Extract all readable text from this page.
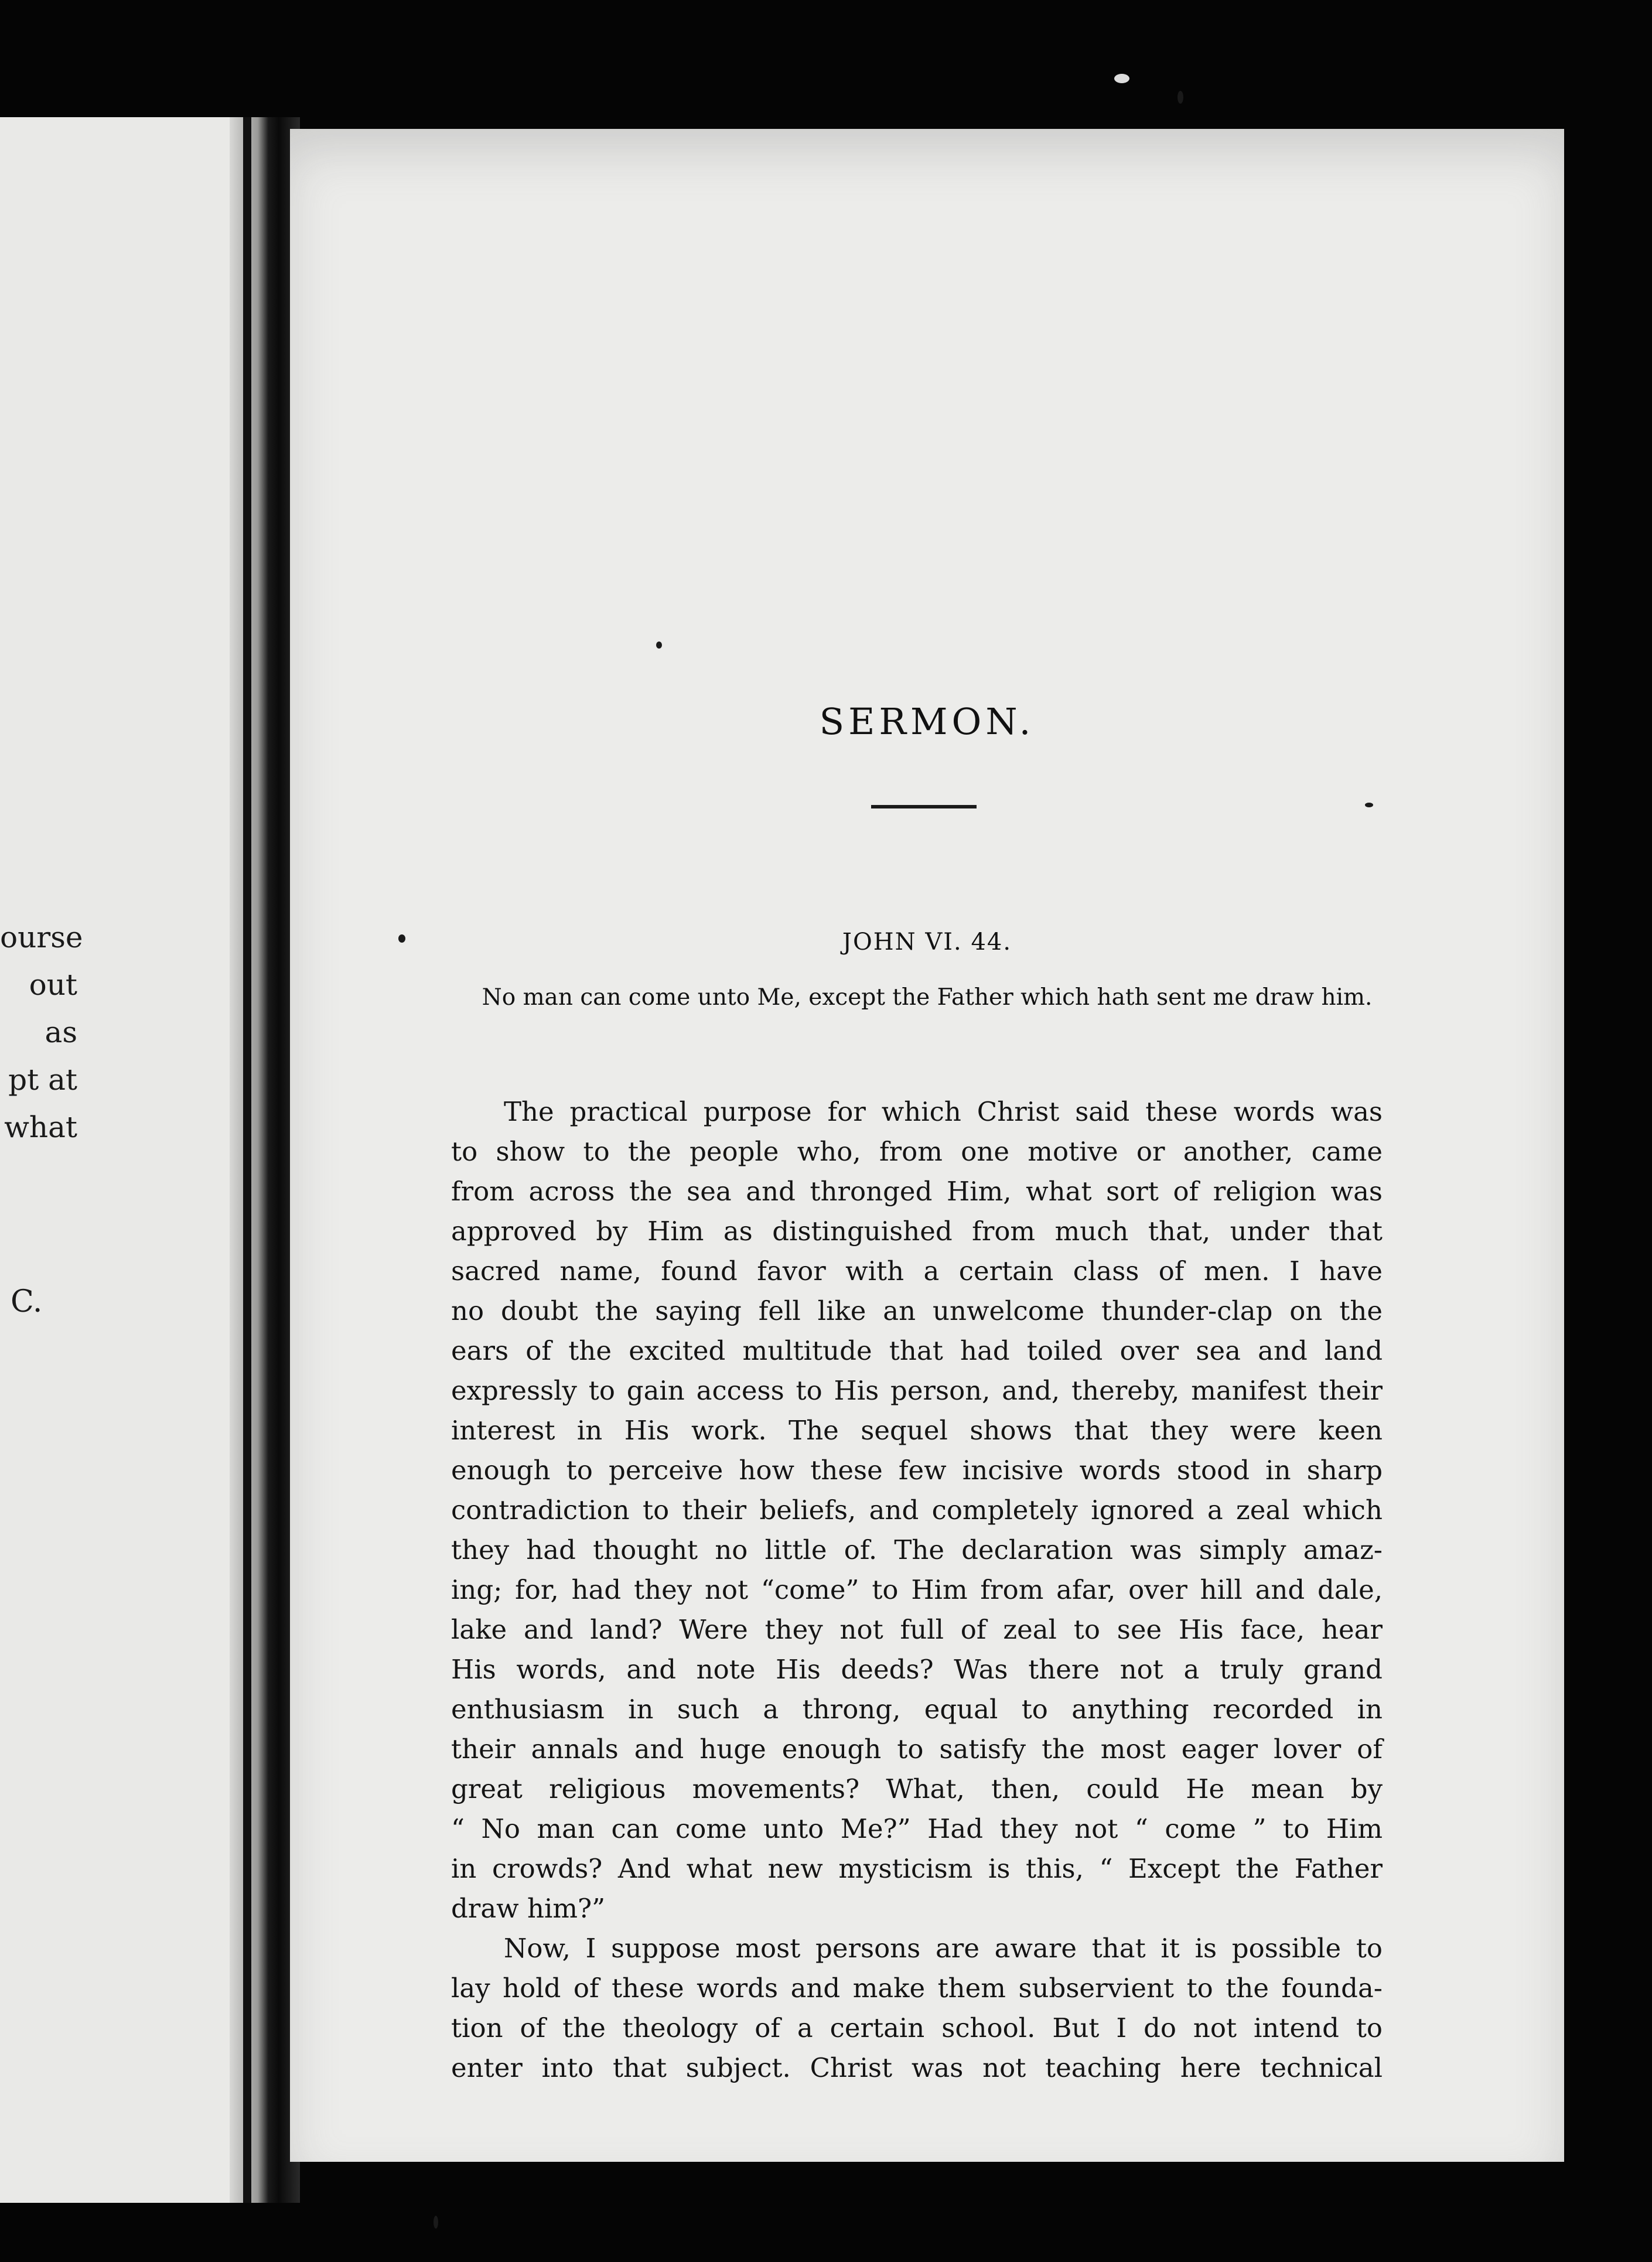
ourse
out as
pt at
what
C.
SERMON.
JOHN VI. 44.
No man can come unto Me, except the Father which hath sent me draw him.
The practical purpose for which Christ said these words was
to show to the people who, from one motive or another, came
from across the sea and thronged Him, what sort of religion was
approved by Him as distinguished from much that, under that
sacred name, found favor with a certain class of men. I have
no doubt the saying fell like an unwelcome thunder-clap on the
ears of the excited multitude that had toiled over sea and land
expressly to gain access to His person, and, thereby, manifest their
interest in His work. The sequel shows that they were keen
enough to perceive how these few incisive words stood in sharp
contradiction to their beliefs, and completely ignored a zeal which
they had thought no little of. The declaration was simply amaz-
ing; for, had they not “come” to Him from afar, over hill and dale,
lake and land? Were they not full of zeal to see His face, hear
His words, and note His deeds? Was there not a truly grand
enthusiasm in such a throng, equal to anything recorded in
their annals and huge enough to satisfy the most eager lover of
great religious movements? What, then, could He mean by
“ No man can come unto Me?” Had they not “ come ” to Him
in crowds? And what new mysticism is this, “ Except the Father
draw him?”
Now, I suppose most persons are aware that it is possible to
lay hold of these words and make them subservient to the founda-
tion of the theology of a certain school. But I do not intend to
enter into that subject. Christ was not teaching here technical
